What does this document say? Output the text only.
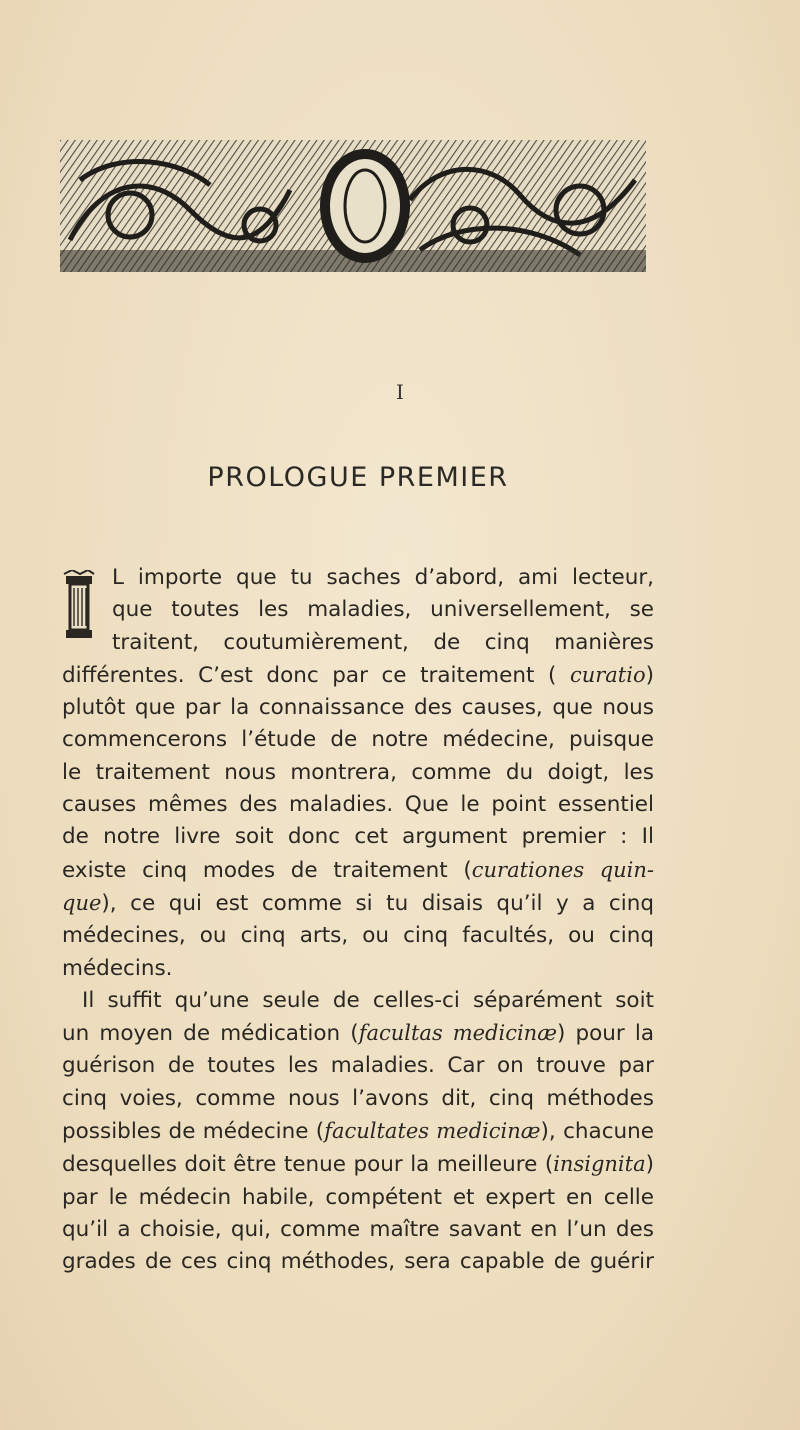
I
PROLOGUE PREMIER
L importe que tu saches d’abord, ami lecteur,
que toutes les maladies, universellement, se
traitent, coutumièrement, de cinq manières
différentes. C’est donc par ce traitement ( curatio)
plutôt que par la connaissance des causes, que nous
commencerons l’étude de notre médecine, puisque
le traitement nous montrera, comme du doigt, les
causes mêmes des maladies. Que le point essentiel
de notre livre soit donc cet argument premier : Il
existe cinq modes de traitement (curationes quin-
que), ce qui est comme si tu disais qu’il y a cinq
médecines, ou cinq arts, ou cinq facultés, ou cinq
médecins.
Il suffit qu’une seule de celles-ci séparément soit
un moyen de médication (facultas medicinæ) pour la
guérison de toutes les maladies. Car on trouve par
cinq voies, comme nous l’avons dit, cinq méthodes
possibles de médecine (facultates medicinæ), chacune
desquelles doit être tenue pour la meilleure (insignita)
par le médecin habile, compétent et expert en celle
qu’il a choisie, qui, comme maître savant en l’un des
grades de ces cinq méthodes, sera capable de guérir
